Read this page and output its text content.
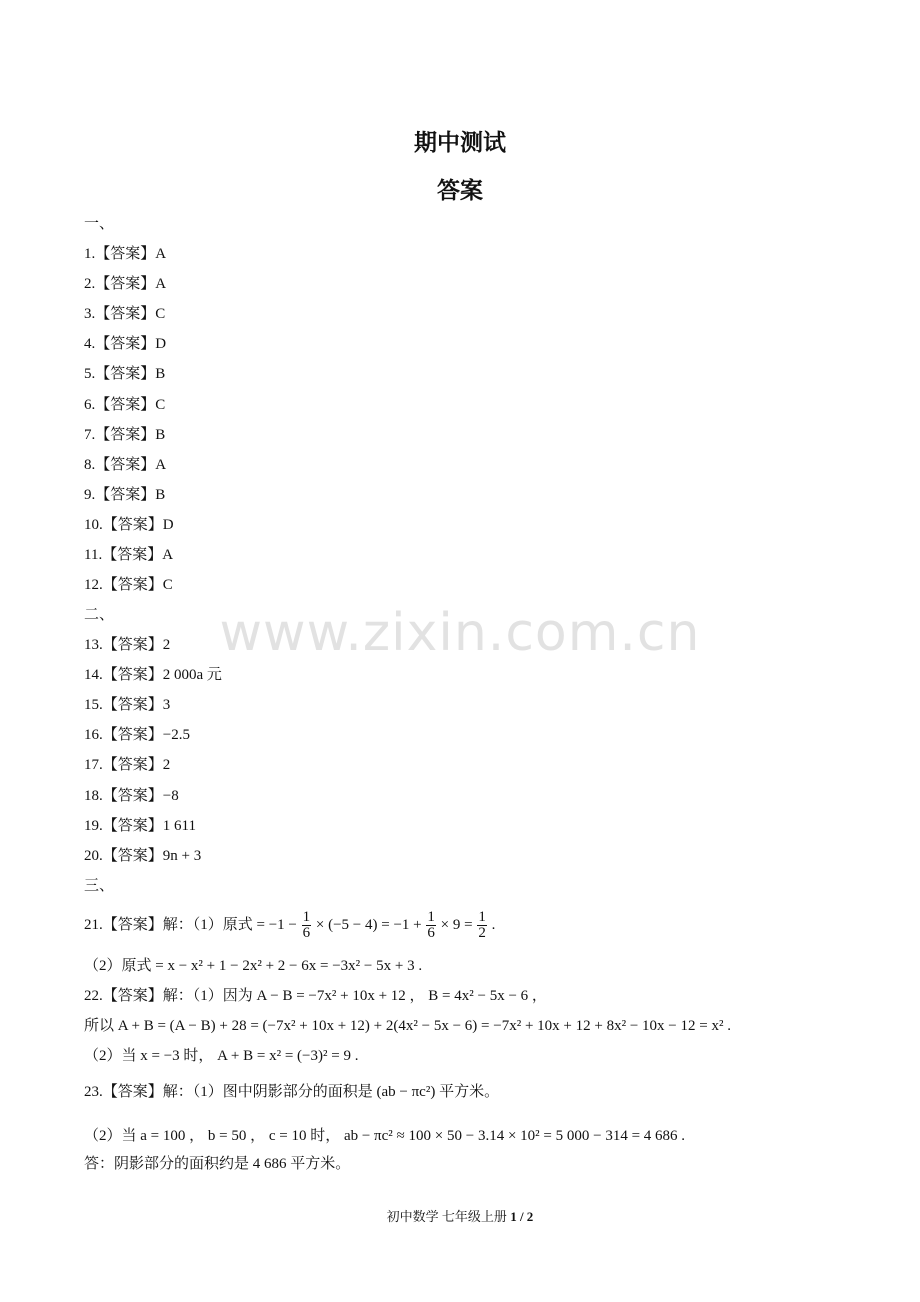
期中测试
答案
www.zixin.com.cn
一、
1.【答案】A
2.【答案】A
3.【答案】C
4.【答案】D
5.【答案】B
6.【答案】C
7.【答案】B
8.【答案】A
9.【答案】B
10.【答案】D
11.【答案】A
12.【答案】C
二、
13.【答案】2
14.【答案】2 000a 元
15.【答案】3
16.【答案】−2.5
17.【答案】2
18.【答案】−8
19.【答案】1 611
20.【答案】9n + 3
三、
21.【答案】解：（1）原式 = $-1 - \frac{1}{6} \times (-5 - 4) = -1 + \frac{1}{6} \times 9 = \frac{1}{2}$ .
（2）原式 = x − x² + 1 − 2x² + 2 − 6x = −3x² − 5x + 3 .
22.【答案】解：（1）因为 A − B = −7x² + 10x + 12 ， B = 4x² − 5x − 6 ，
所以 A + B = (A − B) + 28 = (−7x² + 10x + 12) + 2(4x² − 5x − 6) = −7x² + 10x + 12 + 8x² − 10x − 12 = x² .
（2）当 x = −3 时， A + B = x² = (−3)² = 9 .
23.【答案】解：（1）图中阴影部分的面积是 (ab − πc²) 平方米。
（2）当 a = 100 ， b = 50 ， c = 10 时， ab − πc² ≈ 100 × 50 − 3.14 × 10² = 5 000 − 314 = 4 686 .
答：阴影部分的面积约是 4 686 平方米。
初中数学 七年级上册 1 / 2
